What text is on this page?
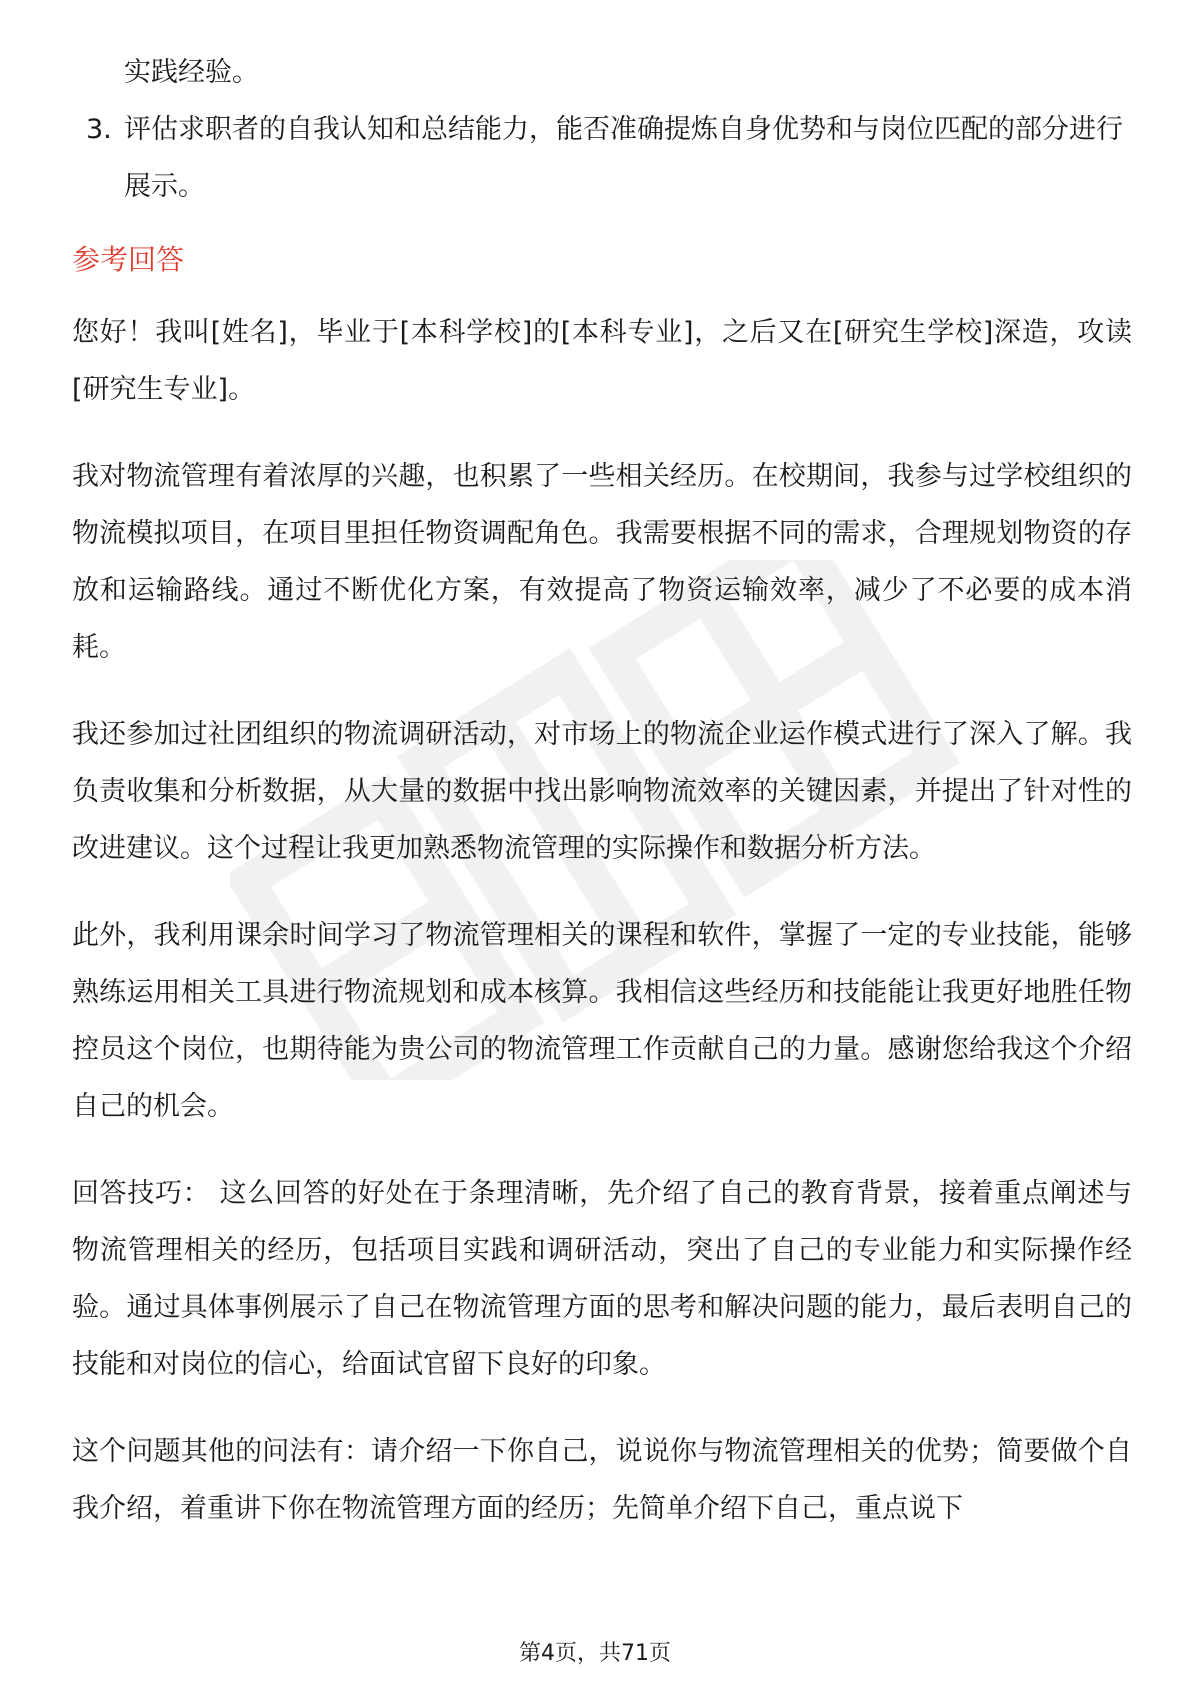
实践经验。

3. 评估求职者的自我认知和总结能力，能否准确提炼自身优势和与岗位匹配的部分进行展示。
参考回答

您好！我叫[姓名]，毕业于[本科学校]的[本科专业]，之后又在[研究生学校]深造，攻读[研究生专业]。

我对物流管理有着浓厚的兴趣，也积累了一些相关经历。在校期间，我参与过学校组织的物流模拟项目，在项目里担任物资调配角色。我需要根据不同的需求，合理规划物资的存放和运输路线。通过不断优化方案，有效提高了物资运输效率，减少了不必要的成本消耗。

我还参加过社团组织的物流调研活动，对市场上的物流企业运作模式进行了深入了解。我负责收集和分析数据，从大量的数据中找出影响物流效率的关键因素，并提出了针对性的改进建议。这个过程让我更加熟悉物流管理的实际操作和数据分析方法。

此外，我利用课余时间学习了物流管理相关的课程和软件，掌握了一定的专业技能，能够熟练运用相关工具进行物流规划和成本核算。我相信这些经历和技能能让我更好地胜任物控员这个岗位，也期待能为贵公司的物流管理工作贡献自己的力量。感谢您给我这个介绍自己的机会。

回答技巧： 这么回答的好处在于条理清晰，先介绍了自己的教育背景，接着重点阐述与物流管理相关的经历，包括项目实践和调研活动，突出了自己的专业能力和实际操作经验。通过具体事例展示了自己在物流管理方面的思考和解决问题的能力，最后表明自己的技能和对岗位的信心，给面试官留下良好的印象。

这个问题其他的问法有：请介绍一下你自己，说说你与物流管理相关的优势；简要做个自我介绍，着重讲下你在物流管理方面的经历；先简单介绍下自己，重点说下

第4页，共71页
